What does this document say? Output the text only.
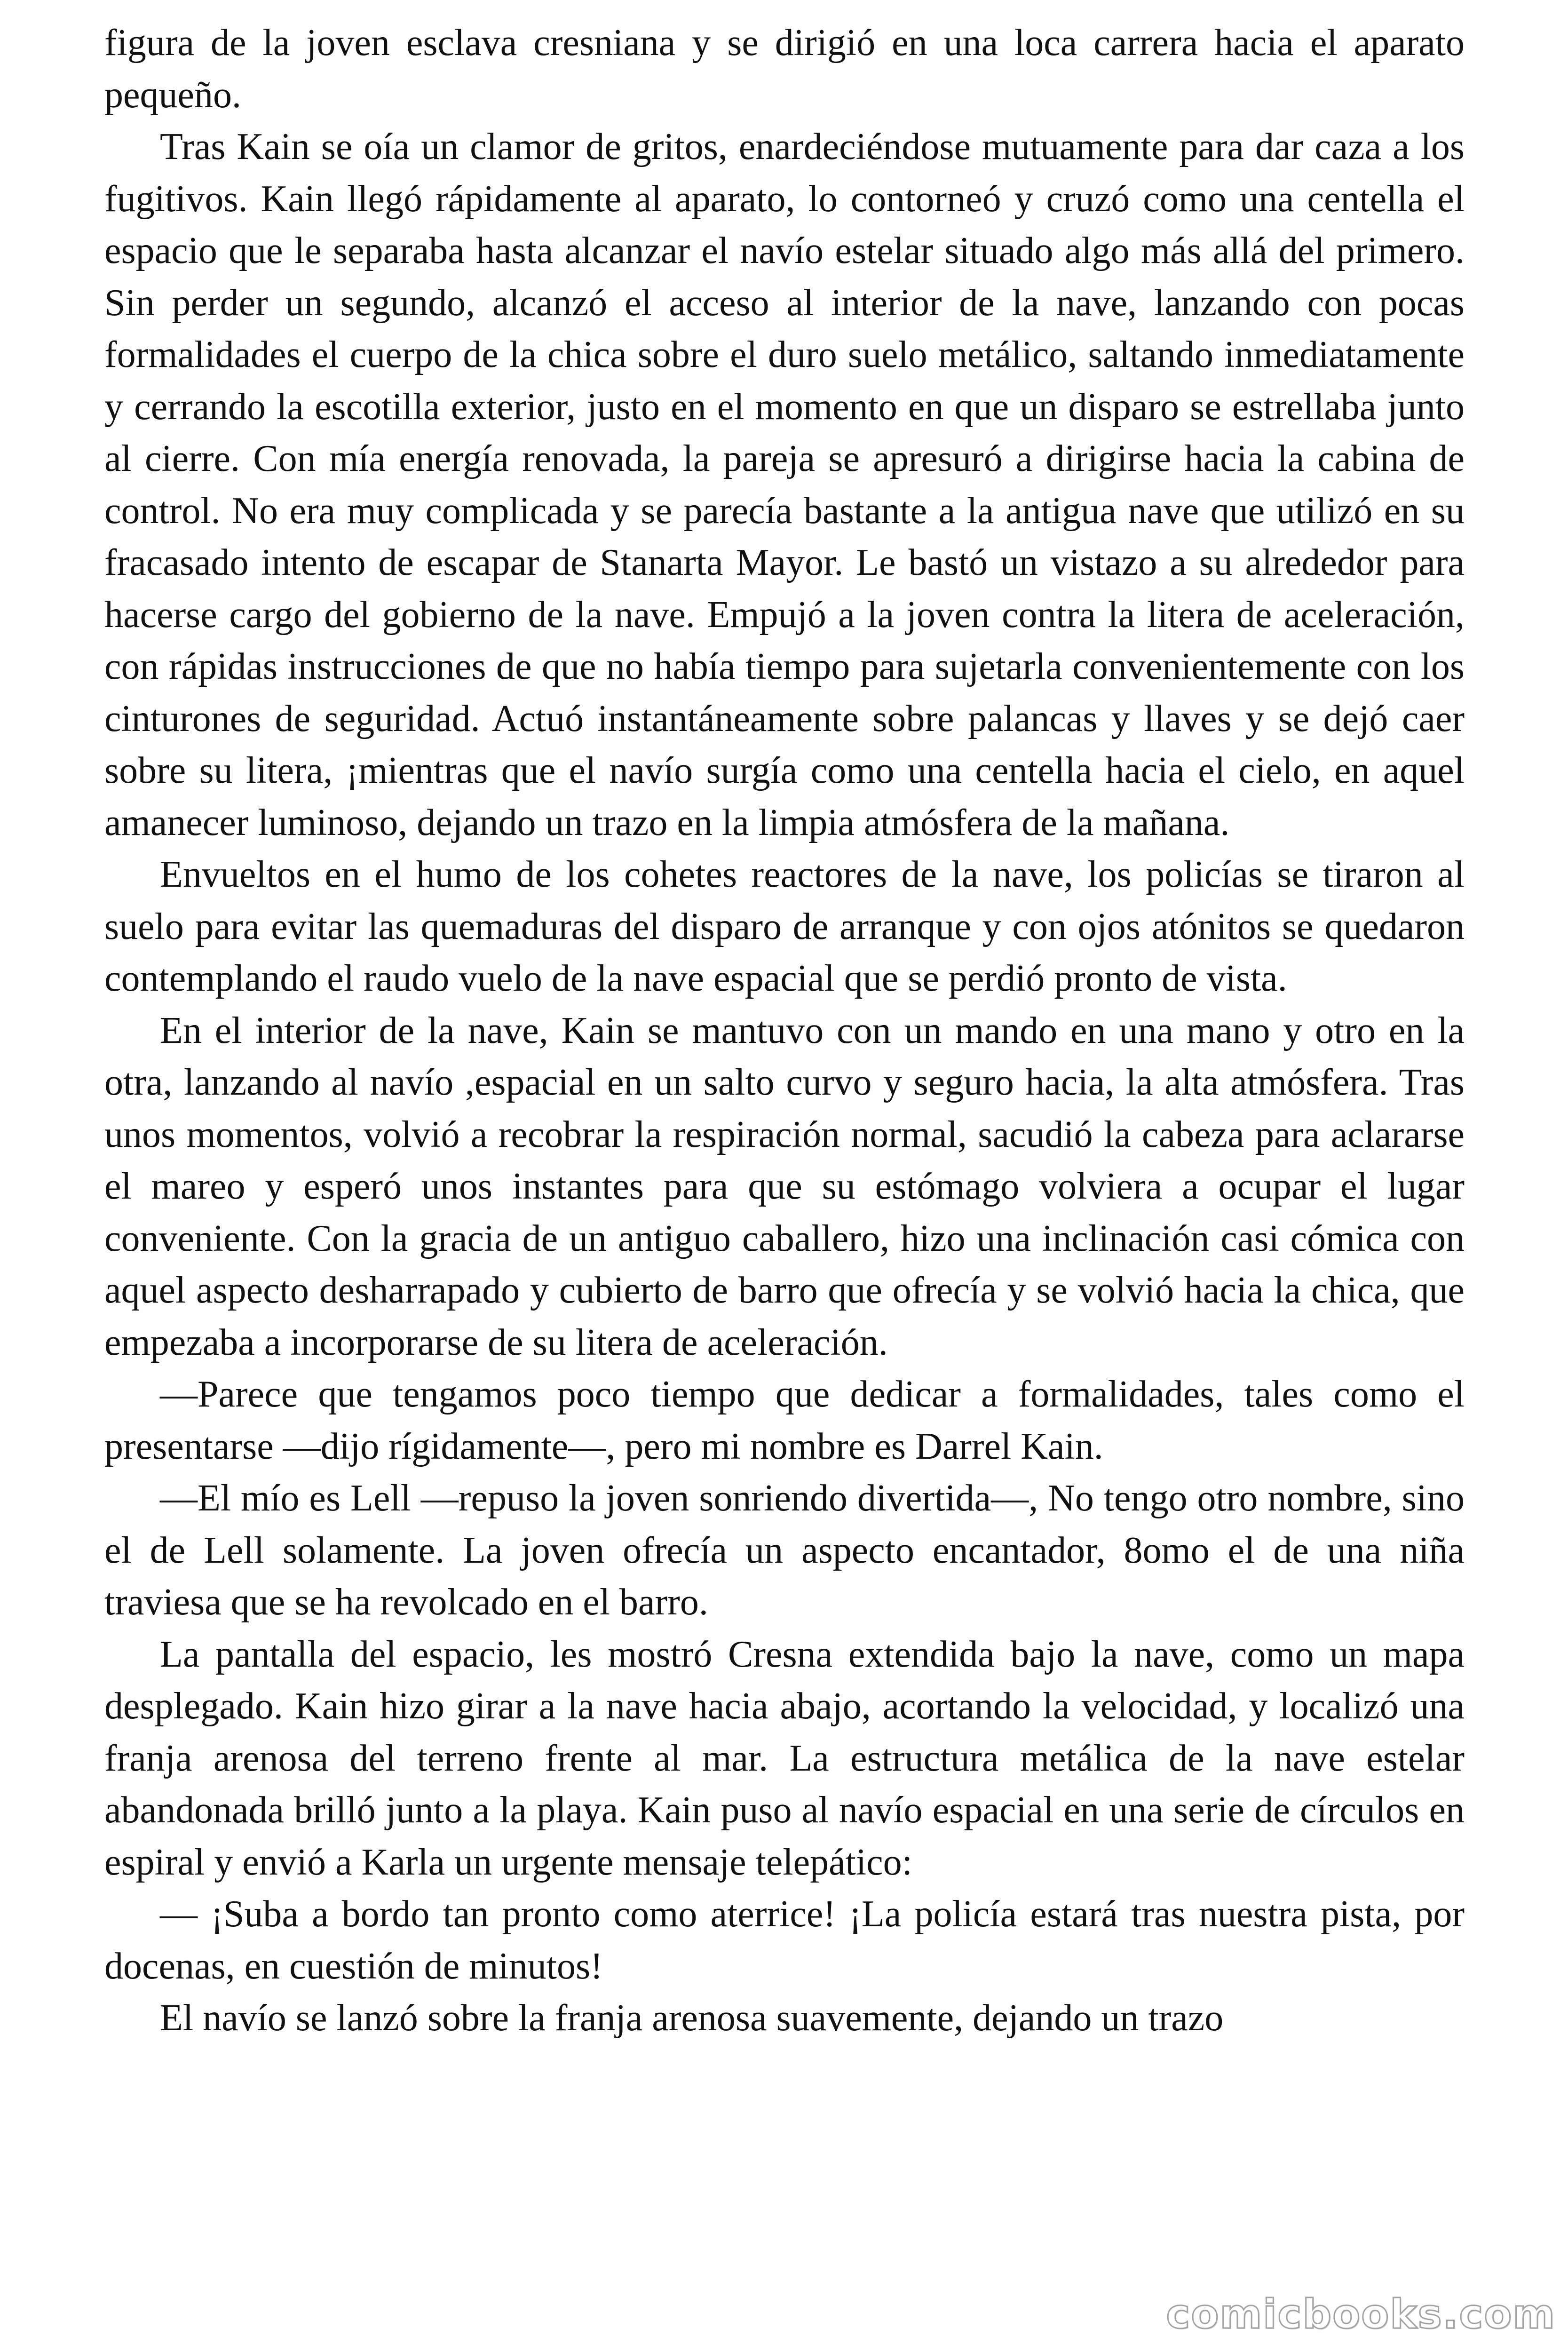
figura de la joven esclava cresniana y se dirigió en una loca carrera hacia el aparato pequeño.

Tras Kain se oía un clamor de gritos, enardeciéndose mutuamente para dar caza a los fugitivos. Kain llegó rápidamente al aparato, lo contorneó y cruzó como una centella el espacio que le separaba hasta alcanzar el navío estelar situado algo más allá del primero. Sin perder un segundo, alcanzó el acceso al interior de la nave, lanzando con pocas formalidades el cuerpo de la chica sobre el duro suelo metálico, saltando inmediatamente y cerrando la escotilla exterior, justo en el momento en que un disparo se estrellaba junto al cierre. Con mía energía renovada, la pareja se apresuró a dirigirse hacia la cabina de control. No era muy complicada y se parecía bastante a la antigua nave que utilizó en su fracasado intento de escapar de Stanarta Mayor. Le bastó un vistazo a su alrededor para hacerse cargo del gobierno de la nave. Empujó a la joven contra la litera de aceleración, con rápidas instrucciones de que no había tiempo para sujetarla convenientemente con los cinturones de seguridad. Actuó instantáneamente sobre palancas y llaves y se dejó caer sobre su litera, ¡mientras que el navío surgía como una centella hacia el cielo, en aquel amanecer luminoso, dejando un trazo en la limpia atmósfera de la mañana.

Envueltos en el humo de los cohetes reactores de la nave, los policías se tiraron al suelo para evitar las quemaduras del disparo de arranque y con ojos atónitos se quedaron contemplando el raudo vuelo de la nave espacial que se perdió pronto de vista.

En el interior de la nave, Kain se mantuvo con un mando en una mano y otro en la otra, lanzando al navío ,espacial en un salto curvo y seguro hacia, la alta atmósfera. Tras unos momentos, volvió a recobrar la respiración normal, sacudió la cabeza para aclararse el mareo y esperó unos instantes para que su estómago volviera a ocupar el lugar conveniente. Con la gracia de un antiguo caballero, hizo una inclinación casi cómica con aquel aspecto desharrapado y cubierto de barro que ofrecía y se volvió hacia la chica, que empezaba a incorporarse de su litera de aceleración.

—Parece que tengamos poco tiempo que dedicar a formalidades, tales como el presentarse —dijo rígidamente—, pero mi nombre es Darrel Kain.

—El mío es Lell —repuso la joven sonriendo divertida—, No tengo otro nombre, sino el de Lell solamente. La joven ofrecía un aspecto encantador, 8omo el de una niña traviesa que se ha revolcado en el barro.

La pantalla del espacio, les mostró Cresna extendida bajo la nave, como un mapa desplegado. Kain hizo girar a la nave hacia abajo, acortando la velocidad, y localizó una franja arenosa del terreno frente al mar. La estructura metálica de la nave estelar abandonada brilló junto a la playa. Kain puso al navío espacial en una serie de círculos en espiral y envió a Karla un urgente mensaje telepático:

— ¡Suba a bordo tan pronto como aterrice! ¡La policía estará tras nuestra pista, por docenas, en cuestión de minutos!

El navío se lanzó sobre la franja arenosa suavemente, dejando un trazo

comicbooks.com
